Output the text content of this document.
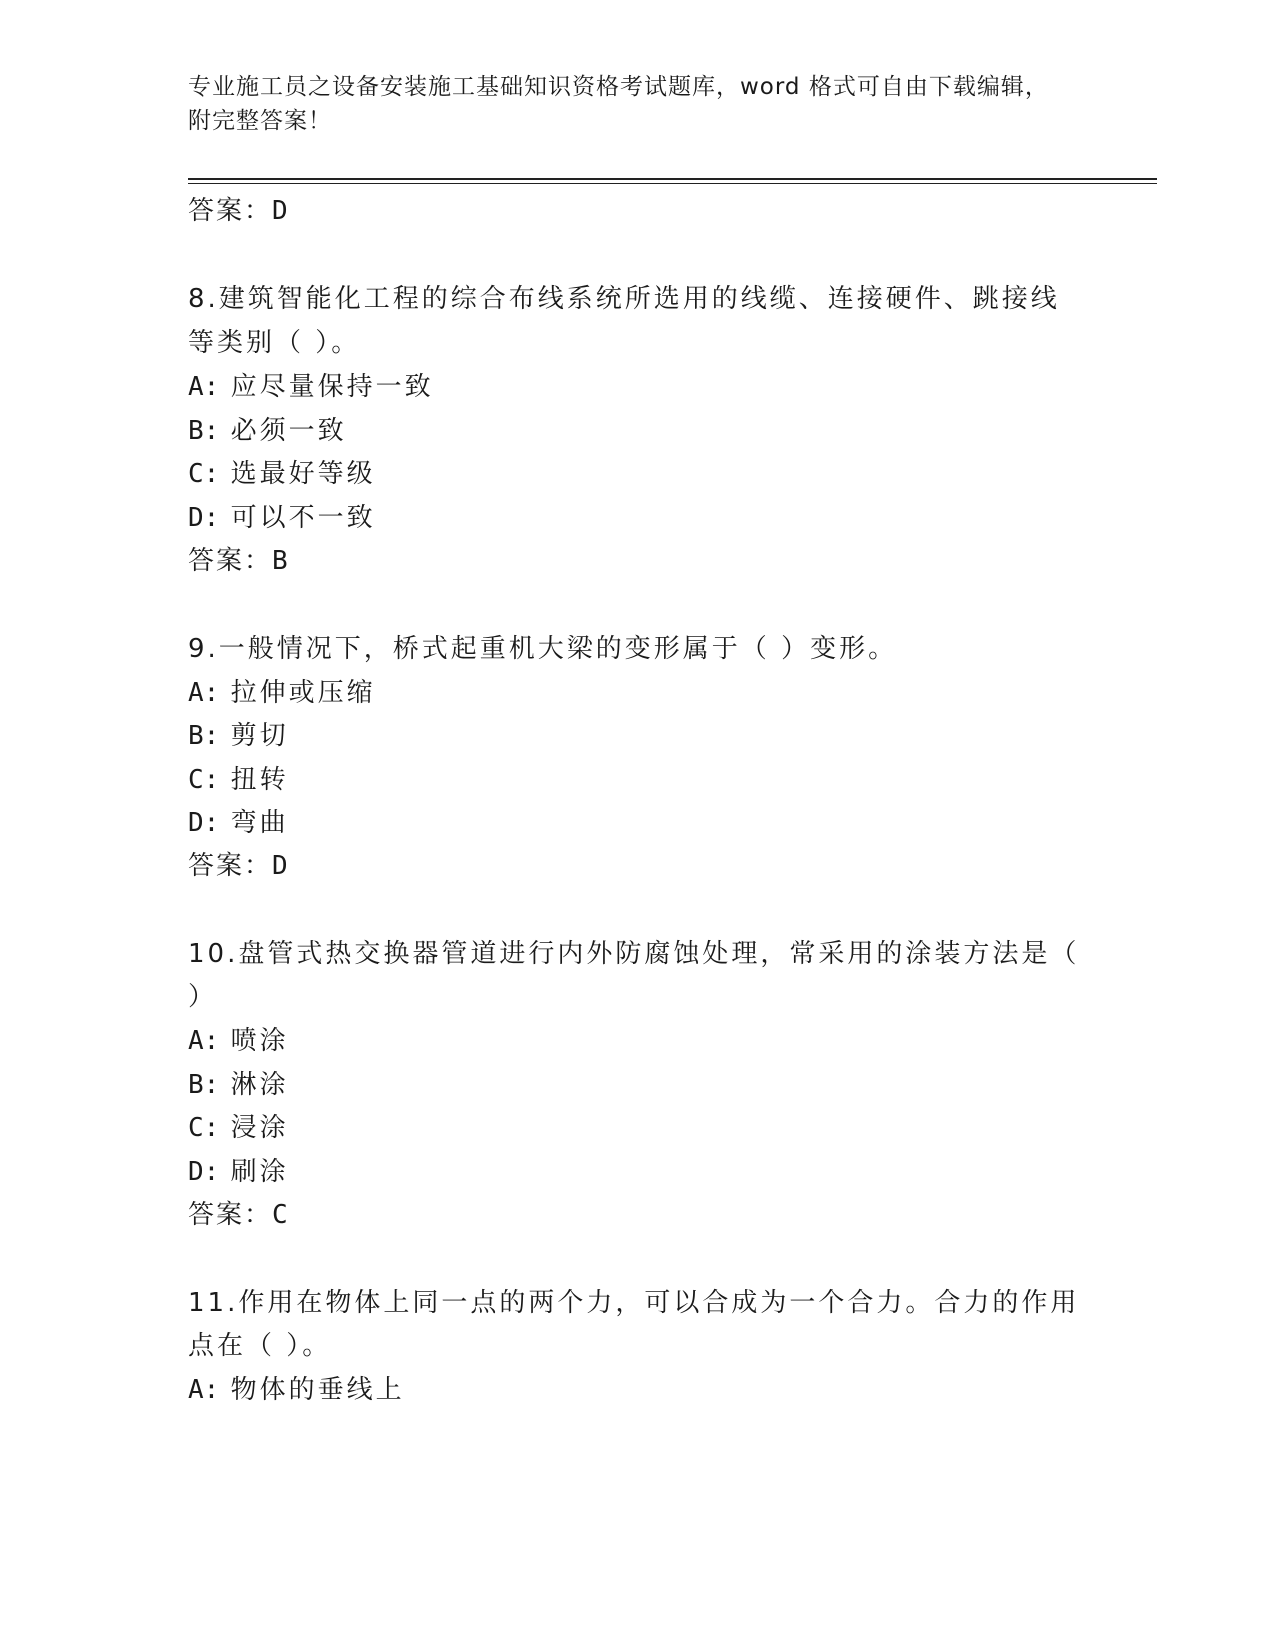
专业施工员之设备安装施工基础知识资格考试题库，word 格式可自由下载编辑，
附完整答案！
答案：D
8.建筑智能化工程的综合布线系统所选用的线缆、连接硬件、跳接线
等类别（ ）。
A: 应尽量保持一致
B: 必须一致
C: 选最好等级
D: 可以不一致
答案：B
9.一般情况下，桥式起重机大梁的变形属于（ ）变形。
A: 拉伸或压缩
B: 剪切
C: 扭转
D: 弯曲
答案：D
10.盘管式热交换器管道进行内外防腐蚀处理，常采用的涂装方法是（
）
A: 喷涂
B: 淋涂
C: 浸涂
D: 刷涂
答案：C
11.作用在物体上同一点的两个力，可以合成为一个合力。合力的作用
点在（ ）。
A: 物体的垂线上
